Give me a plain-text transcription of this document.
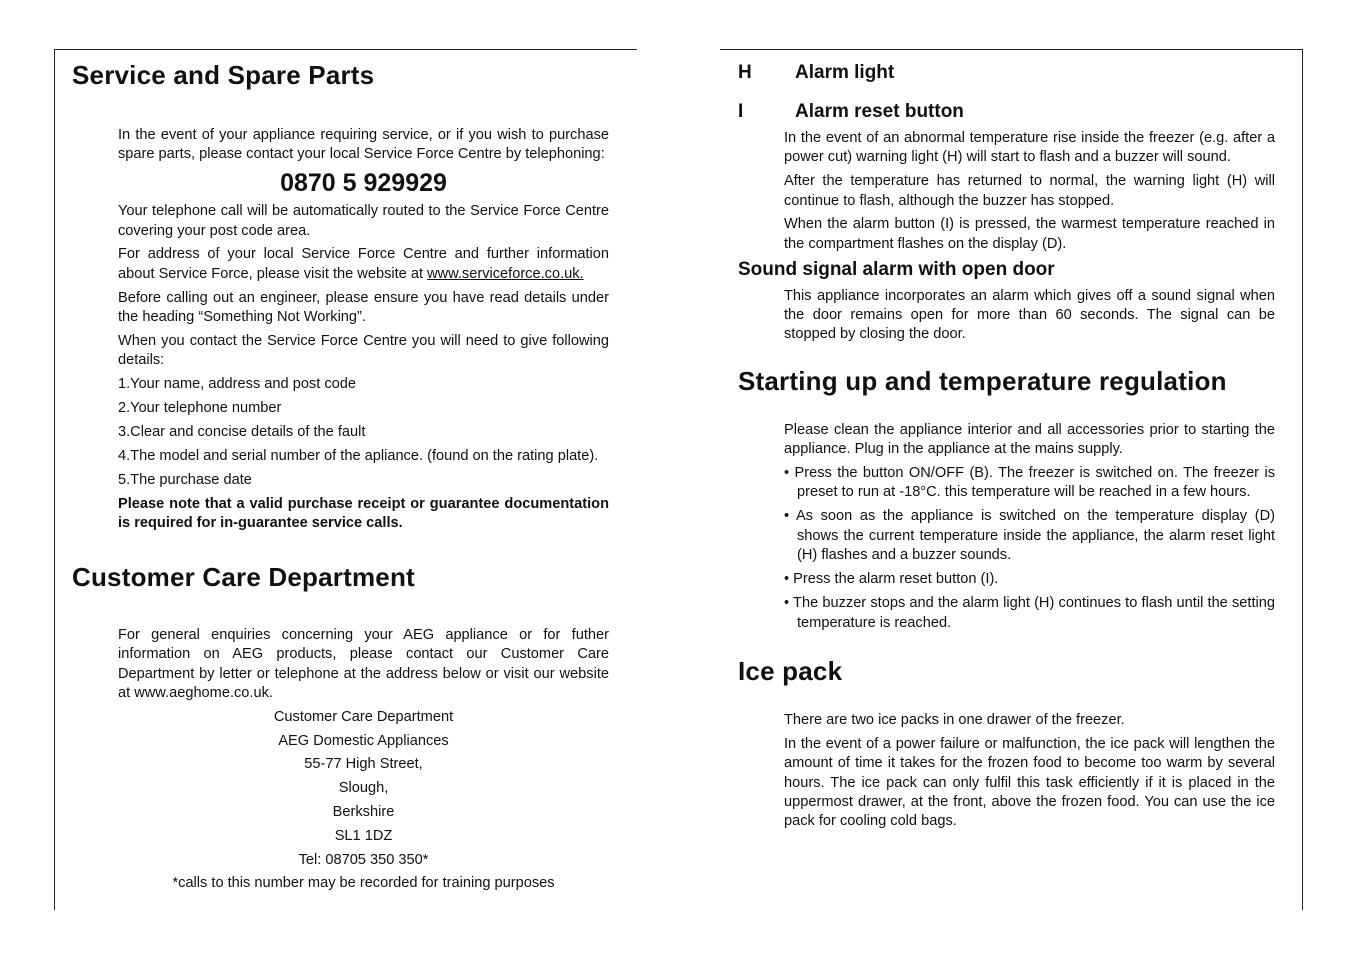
Service and Spare Parts

In the event of your appliance requiring service, or if you wish to purchase spare parts, please contact your local Service Force Centre by telephoning:

0870 5 929929

Your telephone call will be automatically routed to the Service Force Centre covering your post code area.

For address of your local Service Force Centre and further information about Service Force, please visit the website at www.serviceforce.co.uk.

Before calling out an engineer, please ensure you have read details under the heading “Something Not Working”.

When you contact the Service Force Centre you will need to give following details:

1.Your name, address and post code
2.Your telephone number
3.Clear and concise details of the fault
4.The model and serial number of the apliance. (found on the rating plate).
5.The purchase date

Please note that a valid purchase receipt or guarantee documentation is required for in-guarantee service calls.

Customer Care Department

For general enquiries concerning your AEG appliance or for futher information on AEG products, please contact our Customer Care Department by letter or telephone at the address below or visit our website at www.aeghome.co.uk.

Customer Care Department
AEG Domestic Appliances
55-77 High Street,
Slough,
Berkshire
SL1 1DZ
Tel: 08705 350 350*
*calls to this number may be recorded for training purposes
H	Alarm light
I	Alarm reset button

In the event of an abnormal temperature rise inside the freezer (e.g. after a power cut) warning light (H) will start to flash and a buzzer will sound.

After the temperature has returned to normal, the warning light (H) will continue to flash, although the buzzer has stopped.

When the alarm button (I) is pressed, the warmest temperature reached in the compartment flashes on the display (D).

Sound signal alarm with open door

This appliance incorporates an alarm which gives off a sound signal when the door remains open for more than 60 seconds. The signal can be stopped by closing the door.

Starting up and temperature regulation

Please clean the appliance interior and all accessories prior to starting the appliance. Plug in the appliance at the mains supply.

• Press the button ON/OFF (B). The freezer is switched on. The freezer is preset to run at -18°C. this temperature will be reached in a few hours.
• As soon as the appliance is switched on the temperature display (D) shows the current temperature inside the appliance, the alarm reset light (H) flashes and a buzzer sounds.
• Press the alarm reset button (I).
• The buzzer stops and the alarm light (H) continues to flash until the setting temperature is reached.
Ice pack

There are two ice packs in one drawer of the freezer.

In the event of a power failure or malfunction, the ice pack will lengthen the amount of time it takes for the frozen food to become too warm by several hours. The ice pack can only fulfil this task efficiently if it is placed in the uppermost drawer, at the front, above the frozen food. You can use the ice pack for cooling cold bags.
